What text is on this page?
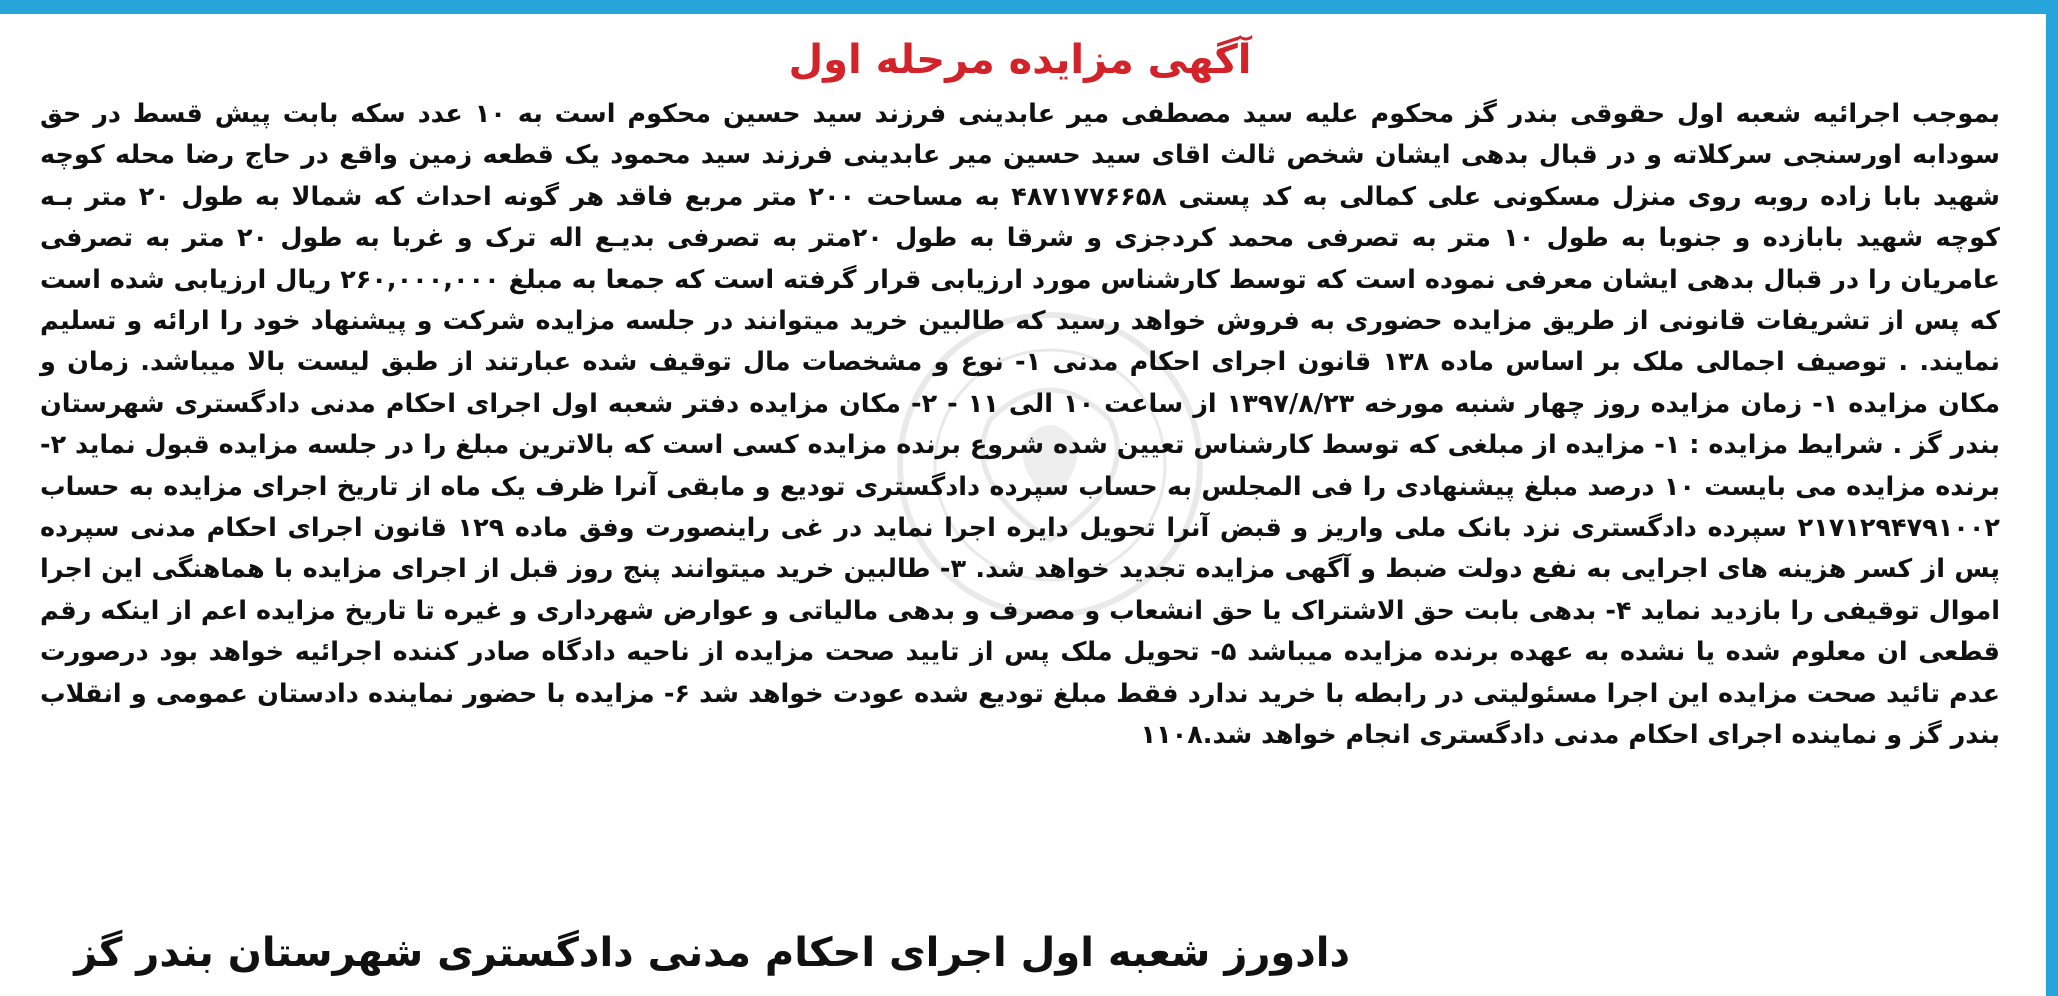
آگهی مزایده مرحله اول

بموجب اجرائیه شعبه اول حقوقی بندر گز محکوم علیه سید مصطفی میر عابدینی فرزند سید حسین محکوم است به ۱۰ عدد سکه بابت پیش قسط در حق سودابه اورسنجی سرکلاته و در قبال بدهی ایشان شخص ثالث اقای سید حسین میر عابدینی فرزند سید محمود یک قطعه زمین واقع در حاج رضا محله کوچه شهید بابا زاده روبه روی منزل مسکونی علی کمالی به کد پستی ۴۸۷۱۷۷۶۶۵۸ به مساحت ۲۰۰ متر مربع فاقد هر گونه احداث که شمالا به طول ۲۰ متر بـه کوچه شهید بابازده و جنوبا به طول ۱۰ متر به تصرفی محمد کردجزی و شرقا به طول ۲۰متر به تصرفی بدیـع اله ترک و غربا به طول ۲۰ متر به تصرفی عامریان را در قبال بدهی ایشان معرفی نموده است که توسط کارشناس مورد ارزیابی قرار گرفته است که جمعا به مبلغ ۲۶۰,۰۰۰,۰۰۰ ریال ارزیابی شده است که پس از تشریفات قانونی از طریق مزایده حضوری به فروش خواهد رسید که طالبین خرید میتوانند در جلسه مزایده شرکت و پیشنهاد خود را ارائه و تسلیم نمایند. . توصیف اجمالی ملک بر اساس ماده ۱۳۸ قانون اجرای احکام مدنی ۱- نوع و مشخصات مال توقیف شده عبارتند از طبق لیست بالا میباشد. زمان و مکان مزایده ۱- زمان مزایده روز چهار شنبه مورخه ۱۳۹۷/۸/۲۳ از ساعت ۱۰ الی ۱۱ - ۲- مکان مزایده دفتر شعبه اول اجرای احکام مدنی دادگستری شهرستان بندر گز . شرایط مزایده : ۱- مزایده از مبلغی که توسط کارشناس تعیین شده شروع برنده مزایده کسی است که بالاترین مبلغ را در جلسه مزایده قبول نماید ۲- برنده مزایده می بایست ۱۰ درصد مبلغ پیشنهادی را فی المجلس به حساب سپرده دادگستری تودیع و مابقی آنرا ظرف یک ماه از تاریخ اجرای مزایده به حساب ۲۱۷۱۲۹۴۷۹۱۰۰۲ سپرده دادگستری نزد بانک ملی واریز و قبض آنرا تحویل دایره اجرا نماید در غی راینصورت وفق ماده ۱۲۹ قانون اجرای احکام مدنی سپرده پس از کسر هزینه های اجرایی به نفع دولت ضبط و آگهی مزایده تجدید خواهد شد. ۳- طالبین خرید میتوانند پنج روز قبل از اجرای مزایده با هماهنگی این اجرا اموال توقیفی را بازدید نماید ۴- بدهی بابت حق الاشتراک یا حق انشعاب و مصرف و بدهی مالیاتی و عوارض شهرداری و غیره تا تاریخ مزایده اعم از اینکه رقم قطعی ان معلوم شده یا نشده به عهده برنده مزایده میباشد ۵- تحویل ملک پس از تایید صحت مزایده از ناحیه دادگاه صادر کننده اجرائیه خواهد بود درصورت عدم تائید صحت مزایده این اجرا مسئولیتی در رابطه با خرید ندارد فقط مبلغ تودیع شده عودت خواهد شد ۶- مزایده با حضور نماینده دادستان عمومی و انقلاب بندر گز و نماینده اجرای احکام مدنی دادگستری انجام خواهد شد.۱۱۰۸

دادورز شعبه اول اجرای احکام مدنی دادگستری شهرستان بندر گز
